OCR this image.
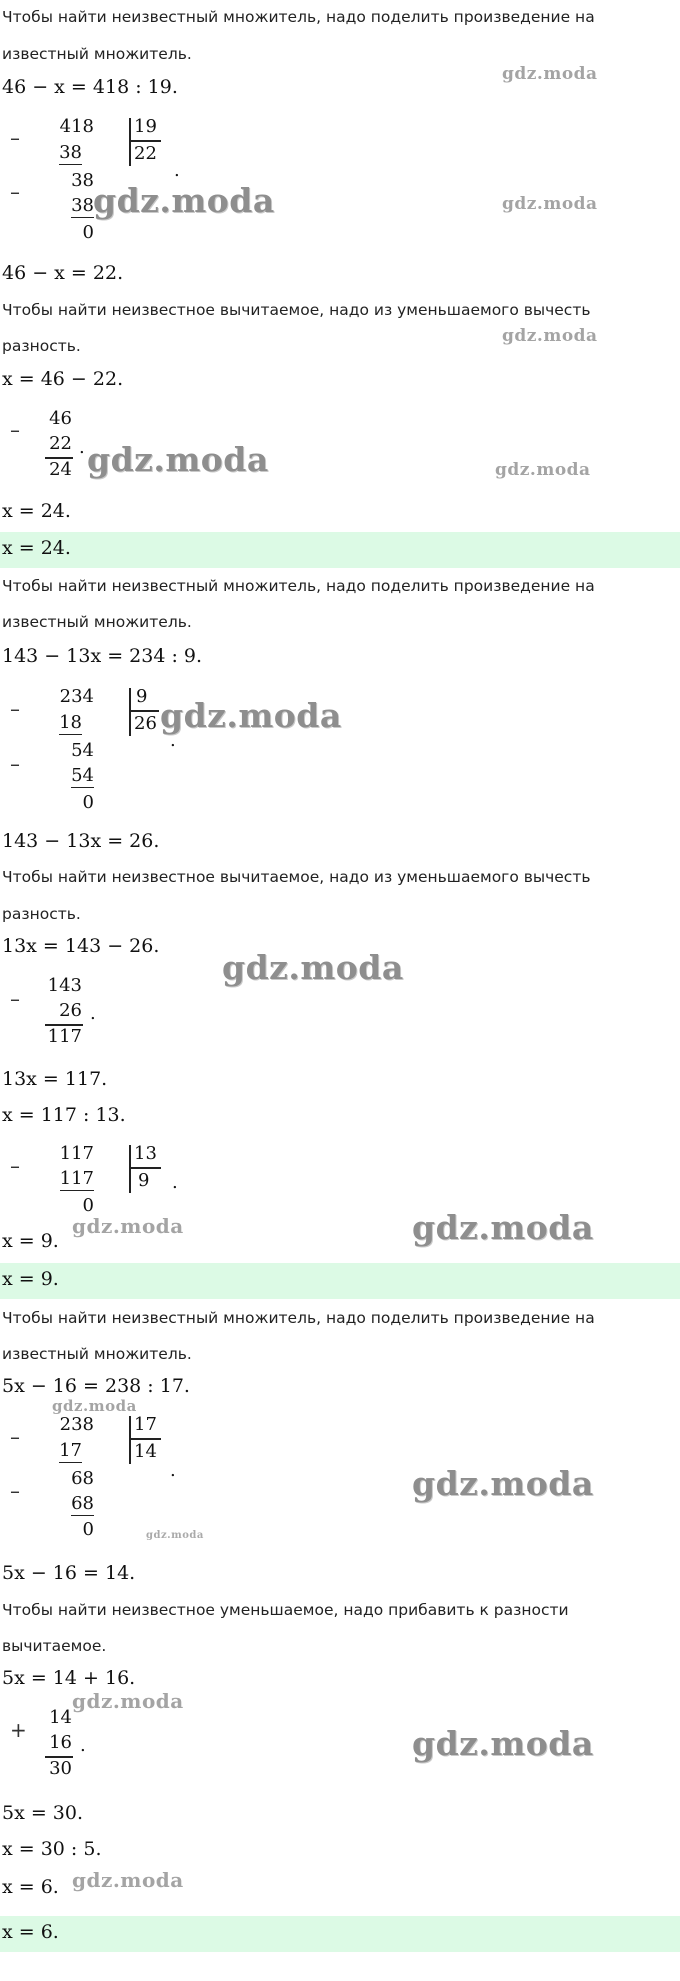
Чтобы найти неизвестный множитель, надо поделить произведение на
известный множитель.
46 − x = 418 : 19.
–	418
38
19
22
.
–	38
38
0
46 − x = 22.
Чтобы найти неизвестное вычитаемое, надо из уменьшаемого вычесть
разность.
x = 46 − 22.
–	46
22
24
.
x = 24.
x = 24.
Чтобы найти неизвестный множитель, надо поделить произведение на
известный множитель.
143 − 13x = 234 : 9.
–
234
18
9
26
.
–
54
54
0
143 − 13x = 26.
Чтобы найти неизвестное вычитаемое, надо из уменьшаемого вычесть
разность.
13x = 143 − 26.
–
143
26
117
.
13x = 117.
x = 117 : 13.
–
117
117
13
9 .
0
x = 9.
x = 9.
Чтобы найти неизвестный множитель, надо поделить произведение на
известный множитель.
5x − 16 = 238 : 17.
–
238
17
17
14
.
–
68
68
0
5x − 16 = 14.
Чтобы найти неизвестное уменьшаемое, надо прибавить к разности
вычитаемое.
5x = 14 + 16.
+
14
16
30
.
5x = 30.
x = 30 : 5.
x = 6.
x = 6.
gdz.moda
gdz.moda	gdz.moda
gdz.moda
gdz.moda	gdz.moda
gdz.moda
gdz.moda
gdz.moda	gdz.moda
gdz.moda
gdz.moda
gdz.moda
gdz.moda
gdz.moda
gdz.moda
